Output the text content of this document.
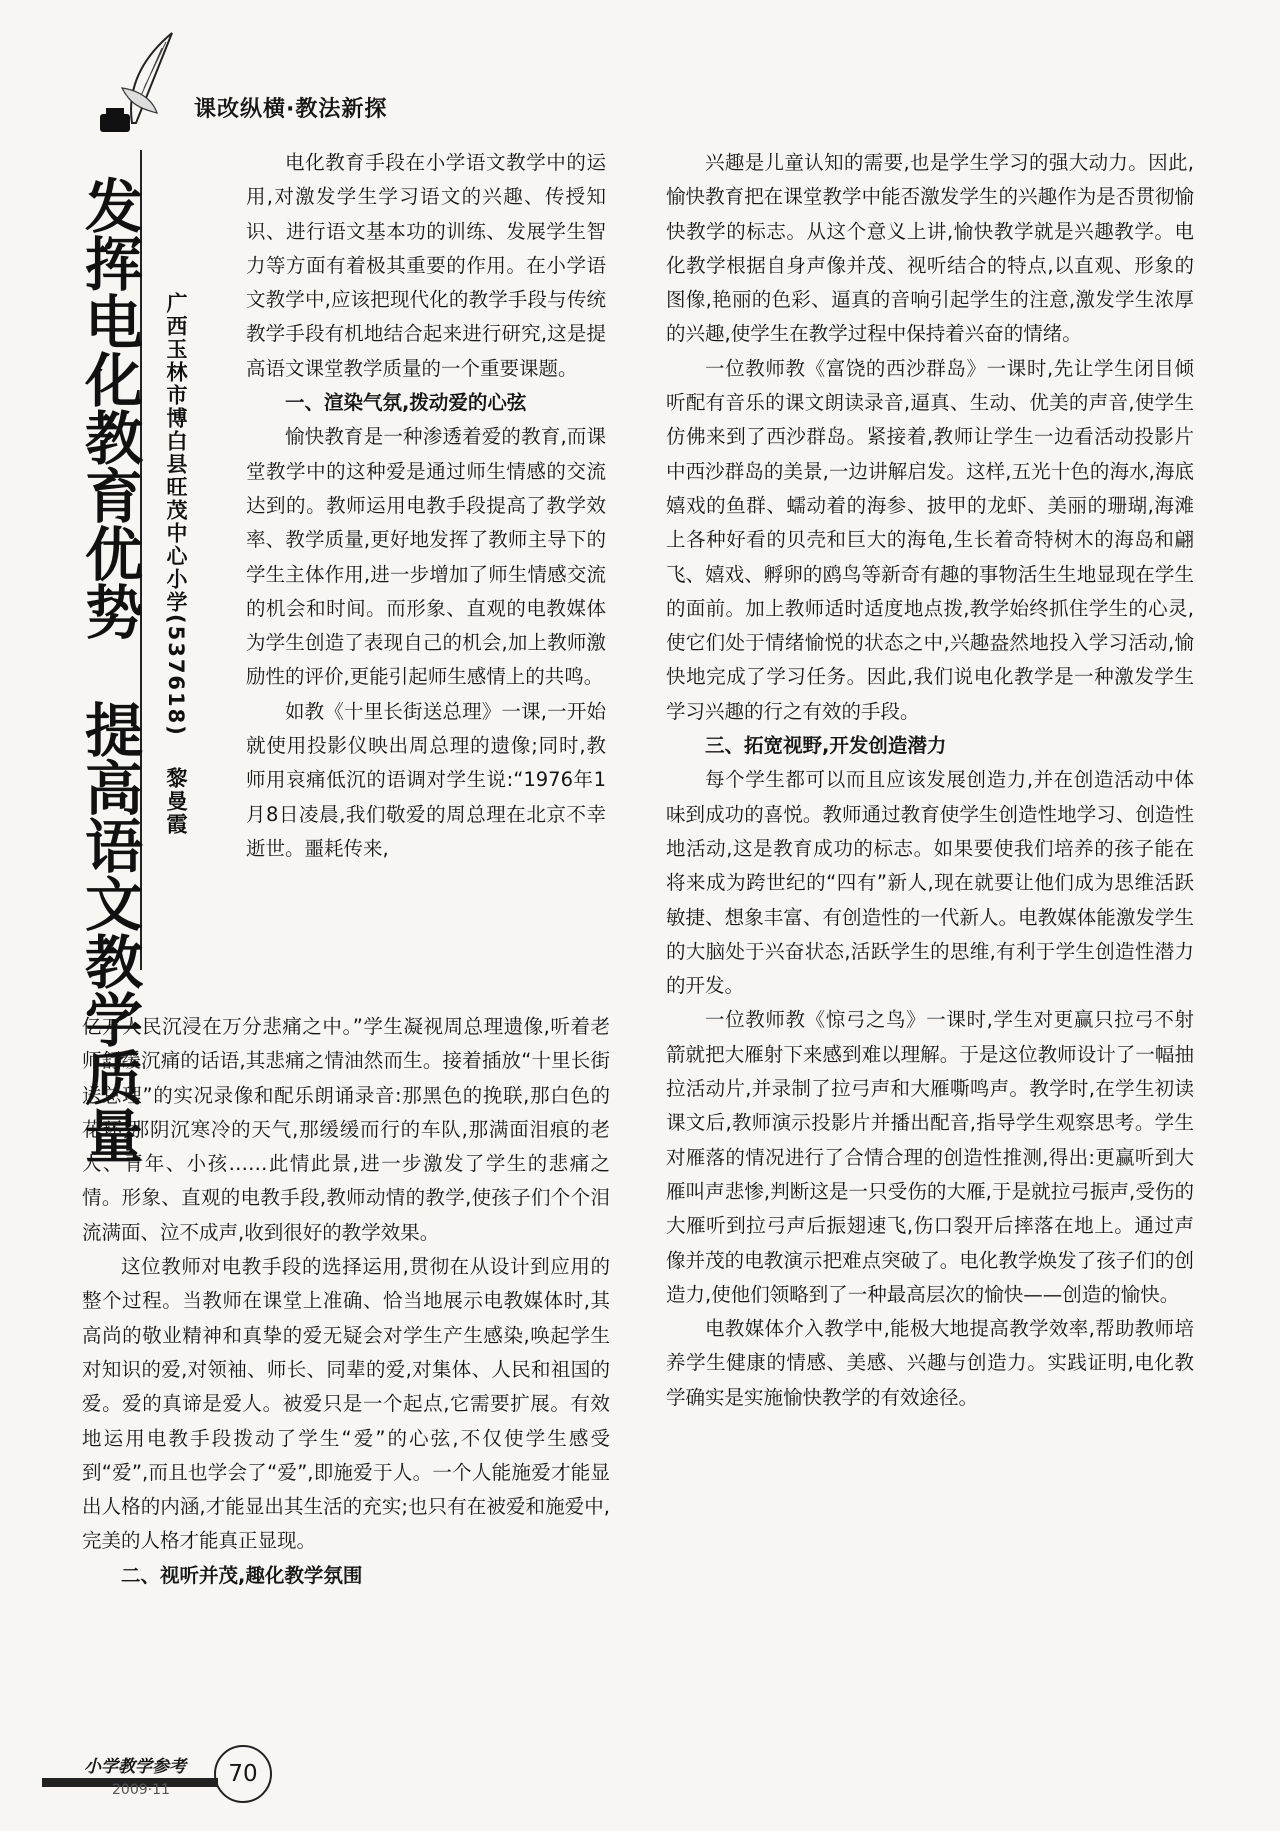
课改纵横·教法新探
发挥电化教育优势提高语文教学质量
广西玉林市博白县旺茂中心小学(537618)黎曼霞

电化教育手段在小学语文教学中的运用,对激发学生学习语文的兴趣、传授知识、进行语文基本功的训练、发展学生智力等方面有着极其重要的作用。在小学语文教学中,应该把现代化的教学手段与传统教学手段有机地结合起来进行研究,这是提高语文课堂教学质量的一个重要课题。

一、渲染气氛,拨动爱的心弦

愉快教育是一种渗透着爱的教育,而课堂教学中的这种爱是通过师生情感的交流达到的。教师运用电教手段提高了教学效率、教学质量,更好地发挥了教师主导下的学生主体作用,进一步增加了师生情感交流的机会和时间。而形象、直观的电教媒体为学生创造了表现自己的机会,加上教师激励性的评价,更能引起师生感情上的共鸣。

如教《十里长街送总理》一课,一开始就使用投影仪映出周总理的遗像;同时,教师用哀痛低沉的语调对学生说:“1976年1月8日凌晨,我们敬爱的周总理在北京不幸逝世。噩耗传来,

亿万人民沉浸在万分悲痛之中。”学生凝视周总理遗像,听着老师舒缓沉痛的话语,其悲痛之情油然而生。接着插放“十里长街送总理”的实况录像和配乐朗诵录音:那黑色的挽联,那白色的花环,那阴沉寒冷的天气,那缓缓而行的车队,那满面泪痕的老人、青年、小孩……此情此景,进一步激发了学生的悲痛之情。形象、直观的电教手段,教师动情的教学,使孩子们个个泪流满面、泣不成声,收到很好的教学效果。

这位教师对电教手段的选择运用,贯彻在从设计到应用的整个过程。当教师在课堂上准确、恰当地展示电教媒体时,其高尚的敬业精神和真挚的爱无疑会对学生产生感染,唤起学生对知识的爱,对领袖、师长、同辈的爱,对集体、人民和祖国的爱。爱的真谛是爱人。被爱只是一个起点,它需要扩展。有效地运用电教手段拨动了学生“爱”的心弦,不仅使学生感受到“爱”,而且也学会了“爱”,即施爱于人。一个人能施爱才能显出人格的内涵,才能显出其生活的充实;也只有在被爱和施爱中,完美的人格才能真正显现。

二、视听并茂,趣化教学氛围

兴趣是儿童认知的需要,也是学生学习的强大动力。因此,愉快教育把在课堂教学中能否激发学生的兴趣作为是否贯彻愉快教学的标志。从这个意义上讲,愉快教学就是兴趣教学。电化教学根据自身声像并茂、视听结合的特点,以直观、形象的图像,艳丽的色彩、逼真的音响引起学生的注意,激发学生浓厚的兴趣,使学生在教学过程中保持着兴奋的情绪。

一位教师教《富饶的西沙群岛》一课时,先让学生闭目倾听配有音乐的课文朗读录音,逼真、生动、优美的声音,使学生仿佛来到了西沙群岛。紧接着,教师让学生一边看活动投影片中西沙群岛的美景,一边讲解启发。这样,五光十色的海水,海底嬉戏的鱼群、蠕动着的海参、披甲的龙虾、美丽的珊瑚,海滩上各种好看的贝壳和巨大的海龟,生长着奇特树木的海岛和翩飞、嬉戏、孵卵的鸥鸟等新奇有趣的事物活生生地显现在学生的面前。加上教师适时适度地点拨,教学始终抓住学生的心灵,使它们处于情绪愉悦的状态之中,兴趣盎然地投入学习活动,愉快地完成了学习任务。因此,我们说电化教学是一种激发学生学习兴趣的行之有效的手段。

三、拓宽视野,开发创造潜力

每个学生都可以而且应该发展创造力,并在创造活动中体味到成功的喜悦。教师通过教育使学生创造性地学习、创造性地活动,这是教育成功的标志。如果要使我们培养的孩子能在将来成为跨世纪的“四有”新人,现在就要让他们成为思维活跃敏捷、想象丰富、有创造性的一代新人。电教媒体能激发学生的大脑处于兴奋状态,活跃学生的思维,有利于学生创造性潜力的开发。

一位教师教《惊弓之鸟》一课时,学生对更赢只拉弓不射箭就把大雁射下来感到难以理解。于是这位教师设计了一幅抽拉活动片,并录制了拉弓声和大雁嘶鸣声。教学时,在学生初读课文后,教师演示投影片并播出配音,指导学生观察思考。学生对雁落的情况进行了合情合理的创造性推测,得出:更赢听到大雁叫声悲惨,判断这是一只受伤的大雁,于是就拉弓振声,受伤的大雁听到拉弓声后振翅速飞,伤口裂开后摔落在地上。通过声像并茂的电教演示把难点突破了。电化教学焕发了孩子们的创造力,使他们领略到了一种最高层次的愉快——创造的愉快。

电教媒体介入教学中,能极大地提高教学效率,帮助教师培养学生健康的情感、美感、兴趣与创造力。实践证明,电化教学确实是实施愉快教学的有效途径。

小学教学参考
2009·11
70
